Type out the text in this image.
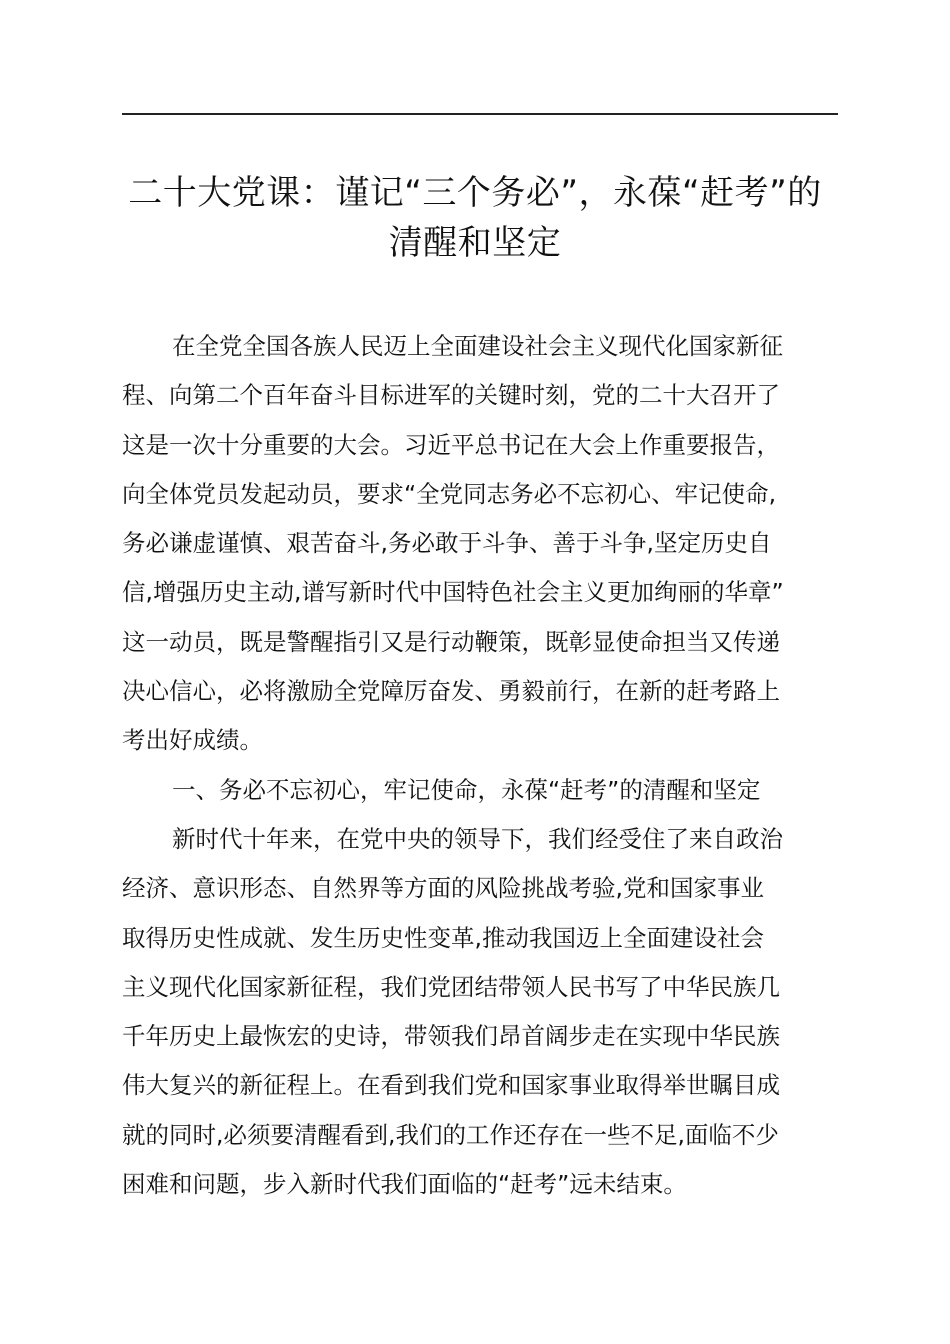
二十大党课：谨记“三个务必”，永葆“赶考”的
清醒和坚定
在全党全国各族人民迈上全面建设社会主义现代化国家新征
程、向第二个百年奋斗目标进军的关键时刻，党的二十大召开了
这是一次十分重要的大会。习近平总书记在大会上作重要报告，
向全体党员发起动员，要求“全党同志务必不忘初心、牢记使命,
务必谦虚谨慎、艰苦奋斗,务必敢于斗争、善于斗争,坚定历史自
信,增强历史主动,谱写新时代中国特色社会主义更加绚丽的华章”
这一动员，既是警醒指引又是行动鞭策，既彰显使命担当又传递
决心信心，必将激励全党障厉奋发、勇毅前行，在新的赶考路上
考出好成绩。
一、务必不忘初心，牢记使命，永葆“赶考”的清醒和坚定
新时代十年来，在党中央的领导下，我们经受住了来自政治
经济、意识形态、自然界等方面的风险挑战考验,党和国家事业
取得历史性成就、发生历史性变革,推动我国迈上全面建设社会
主义现代化国家新征程，我们党团结带领人民书写了中华民族几
千年历史上最恢宏的史诗，带领我们昂首阔步走在实现中华民族
伟大复兴的新征程上。在看到我们党和国家事业取得举世瞩目成
就的同时,必须要清醒看到,我们的工作还存在一些不足,面临不少
困难和问题，步入新时代我们面临的“赶考”远未结束。
